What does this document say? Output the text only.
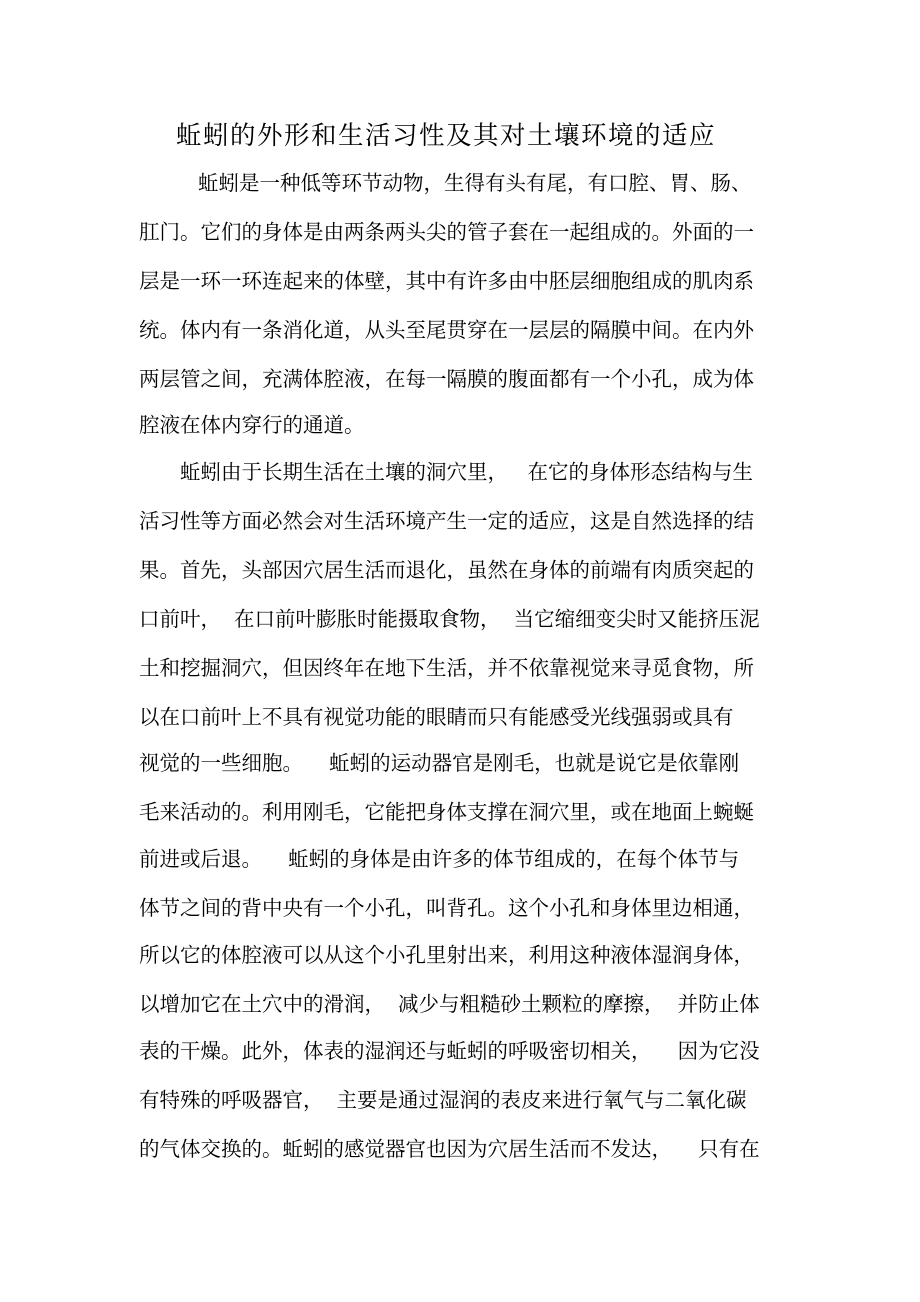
蚯蚓的外形和生活习性及其对土壤环境的适应
蚯蚓是一种低等环节动物，生得有头有尾，有口腔、胃、肠、
肛门。它们的身体是由两条两头尖的管子套在一起组成的。外面的一
层是一环一环连起来的体壁，其中有许多由中胚层细胞组成的肌肉系
统。体内有一条消化道，从头至尾贯穿在一层层的隔膜中间。在内外
两层管之间，充满体腔液，在每一隔膜的腹面都有一个小孔，成为体
腔液在体内穿行的通道。
蚯蚓由于长期生活在土壤的洞穴里，   在它的身体形态结构与生
活习性等方面必然会对生活环境产生一定的适应，这是自然选择的结
果。首先，头部因穴居生活而退化，虽然在身体的前端有肉质突起的
口前叶，  在口前叶膨胀时能摄取食物，  当它缩细变尖时又能挤压泥
土和挖掘洞穴，但因终年在地下生活，并不依靠视觉来寻觅食物，所
以在口前叶上不具有视觉功能的眼睛而只有能感受光线强弱或具有
视觉的一些细胞。    蚯蚓的运动器官是刚毛，也就是说它是依靠刚
毛来活动的。利用刚毛，它能把身体支撑在洞穴里，或在地面上蜿蜒
前进或后退。    蚯蚓的身体是由许多的体节组成的，在每个体节与
体节之间的背中央有一个小孔，叫背孔。这个小孔和身体里边相通，
所以它的体腔液可以从这个小孔里射出来，利用这种液体湿润身体，
以增加它在土穴中的滑润，  减少与粗糙砂土颗粒的摩擦，  并防止体
表的干燥。此外，体表的湿润还与蚯蚓的呼吸密切相关，    因为它没
有特殊的呼吸器官，  主要是通过湿润的表皮来进行氧气与二氧化碳
的气体交换的。蚯蚓的感觉器官也因为穴居生活而不发达，    只有在
